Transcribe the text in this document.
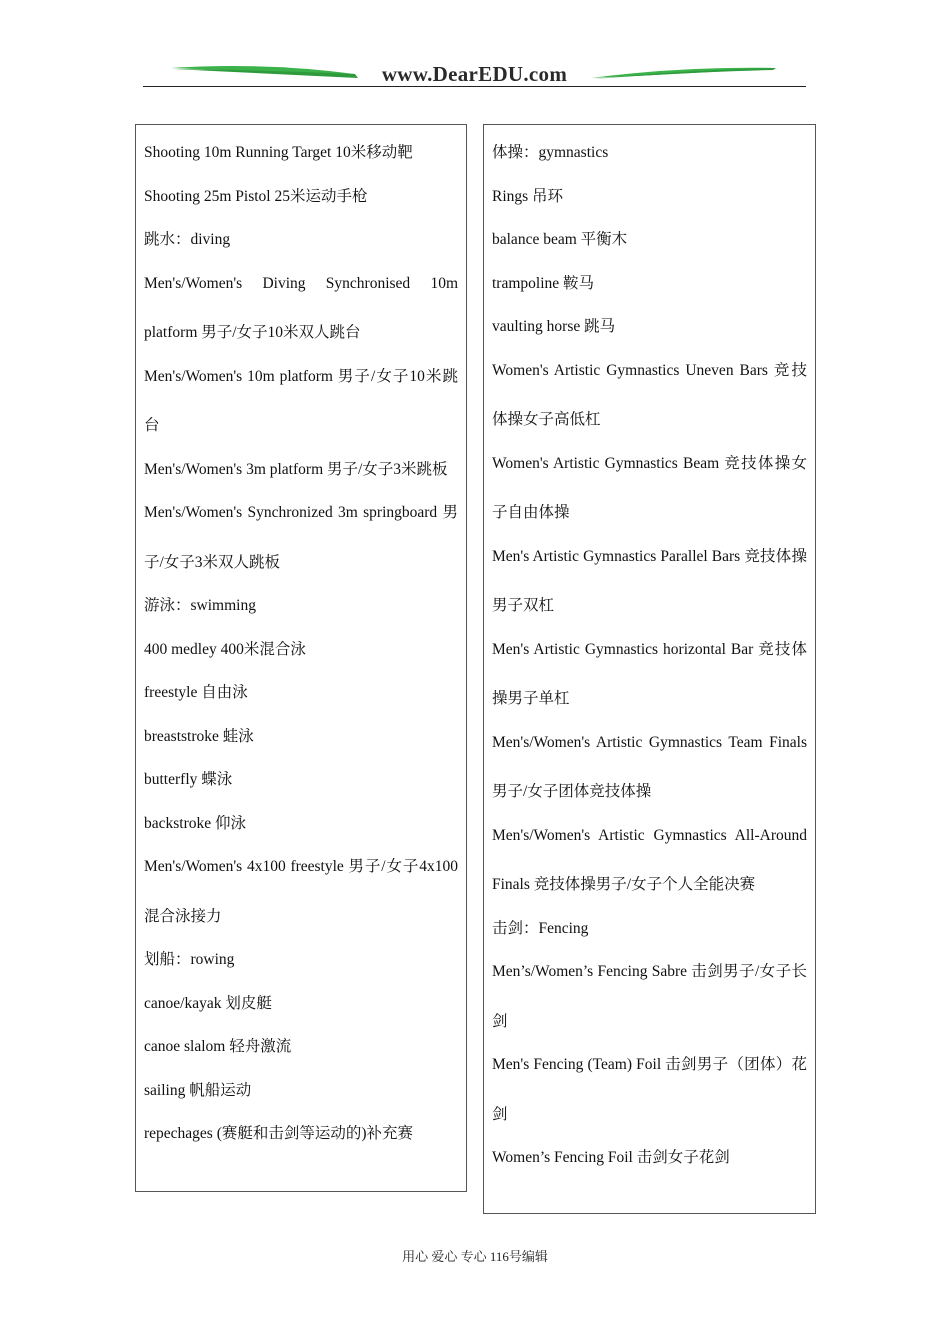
www.DearEDU.com
Shooting 10m Running Target 10米移动靶
Shooting 25m Pistol 25米运动手枪
跳水：diving
Men's/Women's Diving Synchronised 10m platform 男子/女子10米双人跳台
Men's/Women's 10m platform 男子/女子10米跳台
Men's/Women's 3m platform 男子/女子3米跳板
Men's/Women's Synchronized 3m springboard 男子/女子3米双人跳板
游泳：swimming
400 medley 400米混合泳
freestyle 自由泳
breaststroke 蛙泳
butterfly 蝶泳
backstroke 仰泳
Men's/Women's 4x100 freestyle 男子/女子4x100混合泳接力
划船：rowing
canoe/kayak 划皮艇
canoe slalom 轻舟激流
sailing 帆船运动
repechages (赛艇和击剑等运动的)补充赛
体操：gymnastics
Rings 吊环
balance beam 平衡木
trampoline 鞍马
vaulting horse 跳马
Women's Artistic Gymnastics Uneven Bars 竞技体操女子高低杠
Women's Artistic Gymnastics Beam 竞技体操女子自由体操
Men's Artistic Gymnastics Parallel Bars 竞技体操男子双杠
Men's Artistic Gymnastics horizontal Bar 竞技体操男子单杠
Men's/Women's Artistic Gymnastics Team Finals 男子/女子团体竞技体操
Men's/Women's Artistic Gymnastics All-Around Finals 竞技体操男子/女子个人全能决赛
击剑：Fencing
Men’s/Women’s Fencing Sabre 击剑男子/女子长剑
Men's Fencing (Team) Foil 击剑男子（团体）花剑
Women’s Fencing Foil 击剑女子花剑
用心 爱心 专心 116号编辑
